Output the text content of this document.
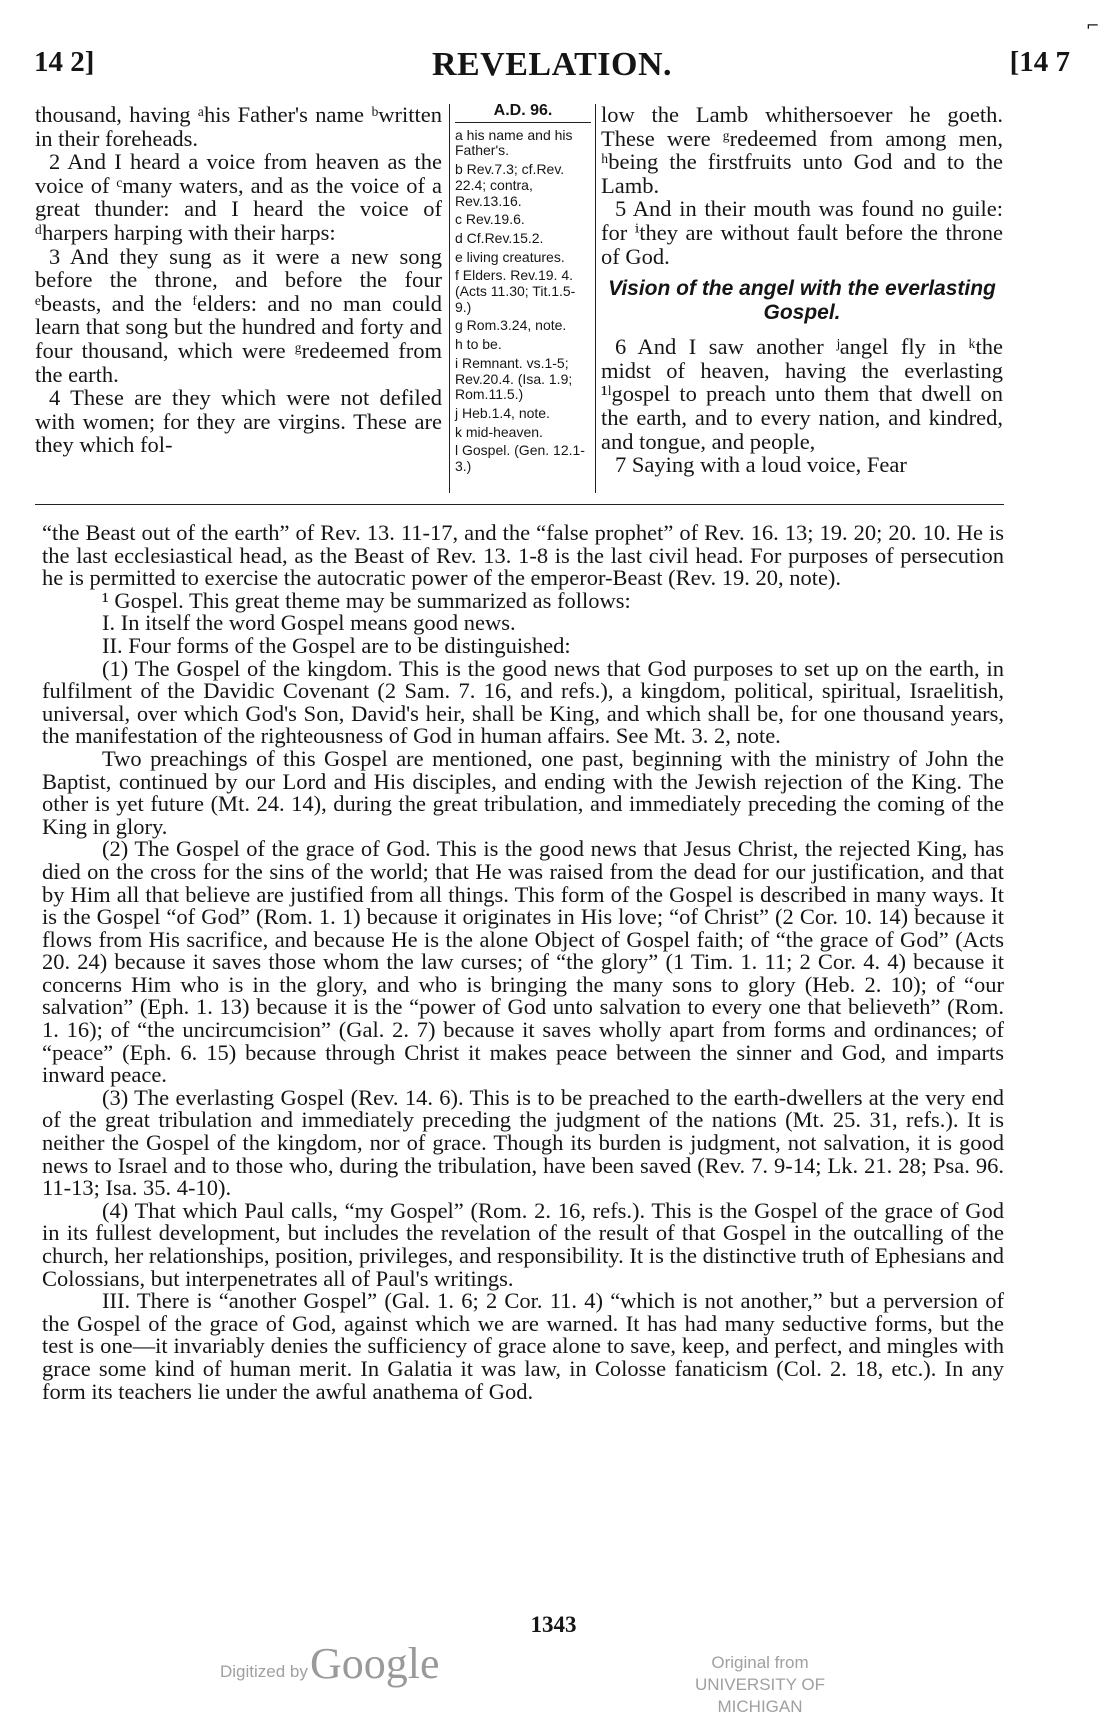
⌐
REVELATION.
14 2]	[14 7

thousand, having ᵃhis Father's name ᵇwritten in their foreheads.

2 And I heard a voice from heaven as the voice of ᶜmany waters, and as the voice of a great thunder: and I heard the voice of ᵈharpers harping with their harps:

3 And they sung as it were a new song before the throne, and before the four ᵉbeasts, and the ᶠelders: and no man could learn that song but the hundred and forty and four thousand, which were ᵍredeemed from the earth.

4 These are they which were not defiled with women; for they are virgins. These are they which fol-

A.D. 96.
a his name and his Father's.
b Rev.7.3; cf.Rev. 22.4; contra, Rev.13.16.
c Rev.19.6.
d Cf.Rev.15.2.
e living creatures.
f Elders. Rev.19. 4. (Acts 11.30; Tit.1.5-9.)
g Rom.3.24, note.
h to be.
i Remnant. vs.1-5; Rev.20.4. (Isa. 1.9; Rom.11.5.)
j Heb.1.4, note.
k mid-heaven.
l Gospel. (Gen. 12.1-3.)

low the Lamb whithersoever he goeth. These were ᵍredeemed from among men, ʰbeing the firstfruits unto God and to the Lamb.

5 And in their mouth was found no guile: for ⁱthey are without fault before the throne of God.

Vision of the angel with the everlasting Gospel.

6 And I saw another ʲangel fly in ᵏthe midst of heaven, having the everlasting ¹ˡgospel to preach unto them that dwell on the earth, and to every nation, and kindred, and tongue, and people,

7 Saying with a loud voice, Fear

“the Beast out of the earth” of Rev. 13. 11-17, and the “false prophet” of Rev. 16. 13; 19. 20; 20. 10. He is the last ecclesiastical head, as the Beast of Rev. 13. 1-8 is the last civil head. For purposes of persecution he is permitted to exercise the autocratic power of the emperor-Beast (Rev. 19. 20, note).

¹ Gospel. This great theme may be summarized as follows:

I. In itself the word Gospel means good news.

II. Four forms of the Gospel are to be distinguished:

(1) The Gospel of the kingdom. This is the good news that God purposes to set up on the earth, in fulfilment of the Davidic Covenant (2 Sam. 7. 16, and refs.), a kingdom, political, spiritual, Israelitish, universal, over which God's Son, David's heir, shall be King, and which shall be, for one thousand years, the manifestation of the righteousness of God in human affairs. See Mt. 3. 2, note.

Two preachings of this Gospel are mentioned, one past, beginning with the ministry of John the Baptist, continued by our Lord and His disciples, and ending with the Jewish rejection of the King. The other is yet future (Mt. 24. 14), during the great tribulation, and immediately preceding the coming of the King in glory.

(2) The Gospel of the grace of God. This is the good news that Jesus Christ, the rejected King, has died on the cross for the sins of the world; that He was raised from the dead for our justification, and that by Him all that believe are justified from all things. This form of the Gospel is described in many ways. It is the Gospel “of God” (Rom. 1. 1) because it originates in His love; “of Christ” (2 Cor. 10. 14) because it flows from His sacrifice, and because He is the alone Object of Gospel faith; of “the grace of God” (Acts 20. 24) because it saves those whom the law curses; of “the glory” (1 Tim. 1. 11; 2 Cor. 4. 4) because it concerns Him who is in the glory, and who is bringing the many sons to glory (Heb. 2. 10); of “our salvation” (Eph. 1. 13) because it is the “power of God unto salvation to every one that believeth” (Rom. 1. 16); of “the uncircumcision” (Gal. 2. 7) because it saves wholly apart from forms and ordinances; of “peace” (Eph. 6. 15) because through Christ it makes peace between the sinner and God, and imparts inward peace.

(3) The everlasting Gospel (Rev. 14. 6). This is to be preached to the earth-dwellers at the very end of the great tribulation and immediately preceding the judgment of the nations (Mt. 25. 31, refs.). It is neither the Gospel of the kingdom, nor of grace. Though its burden is judgment, not salvation, it is good news to Israel and to those who, during the tribulation, have been saved (Rev. 7. 9-14; Lk. 21. 28; Psa. 96. 11-13; Isa. 35. 4-10).

(4) That which Paul calls, “my Gospel” (Rom. 2. 16, refs.). This is the Gospel of the grace of God in its fullest development, but includes the revelation of the result of that Gospel in the outcalling of the church, her relationships, position, privileges, and responsibility. It is the distinctive truth of Ephesians and Colossians, but interpenetrates all of Paul's writings.

III. There is “another Gospel” (Gal. 1. 6; 2 Cor. 11. 4) “which is not another,” but a perversion of the Gospel of the grace of God, against which we are warned. It has had many seductive forms, but the test is one—it invariably denies the sufficiency of grace alone to save, keep, and perfect, and mingles with grace some kind of human merit. In Galatia it was law, in Colosse fanaticism (Col. 2. 18, etc.). In any form its teachers lie under the awful anathema of God.

1343
Digitized by Google	Original from
UNIVERSITY OF MICHIGAN
